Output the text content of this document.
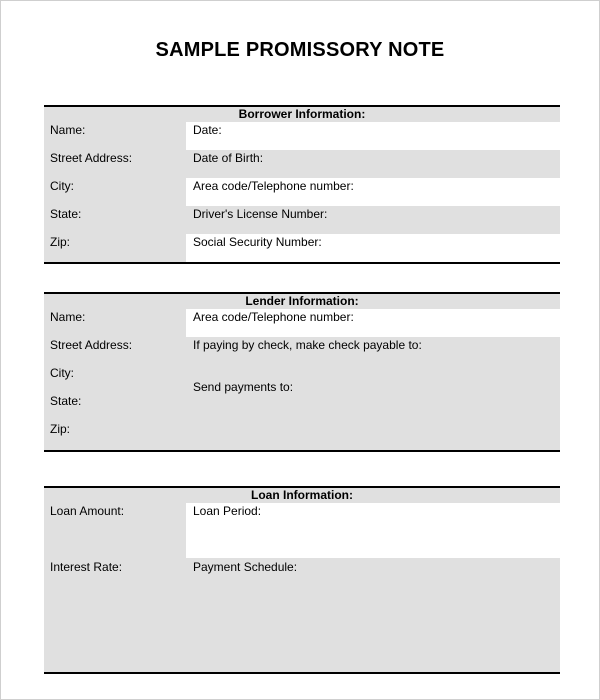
SAMPLE PROMISSORY NOTE
Borrower Information:
Name:
Street Address:
City:
State:
Zip:
Date:
Date of Birth:
Area code/Telephone number:
Driver's License Number:
Social Security Number:
Lender Information:
Name:
Street Address:
City:
State:
Zip:
Area code/Telephone number:
If paying by check, make check payable to:
Send payments to:
Loan Information:
Loan Amount:
Interest Rate:
Loan Period:
Payment Schedule:
